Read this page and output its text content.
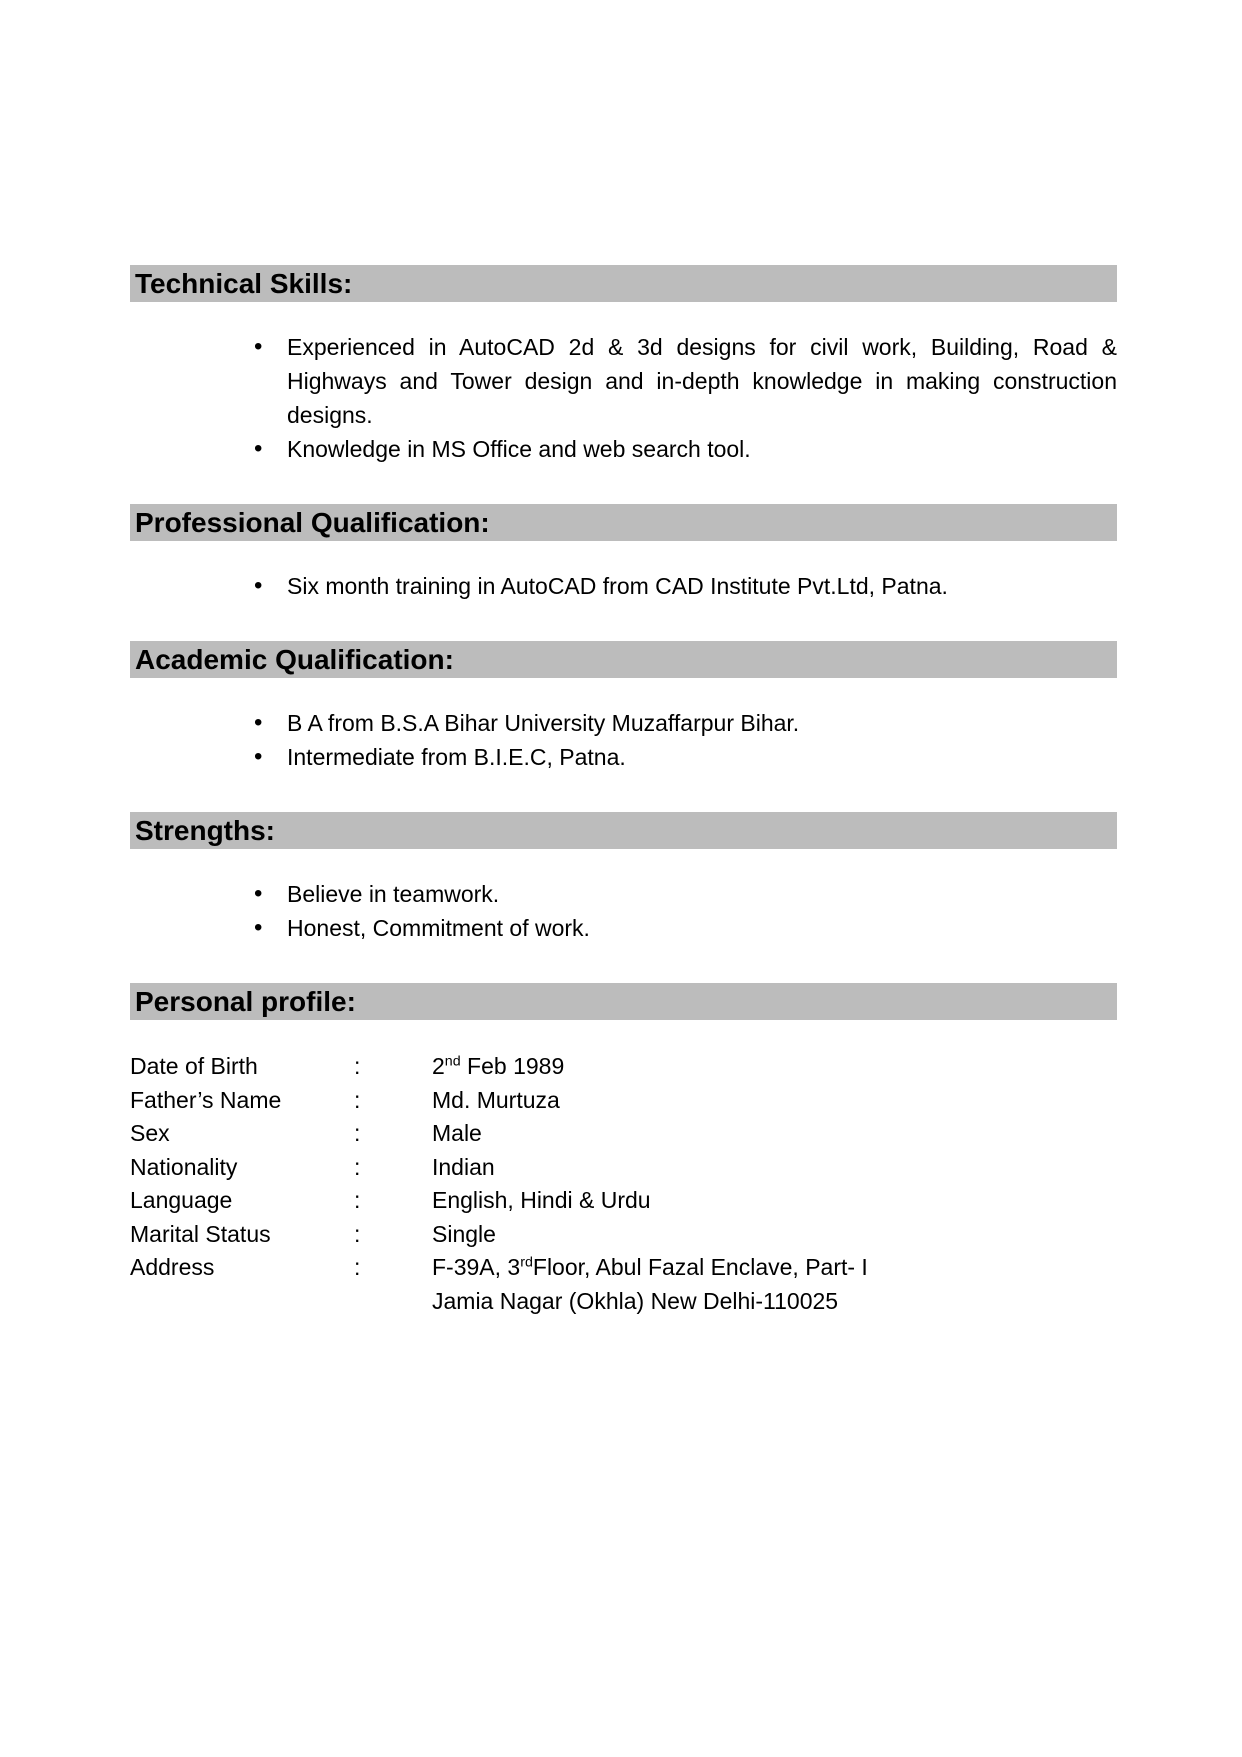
Technical Skills:
• Experienced in AutoCAD 2d & 3d designs for civil work, Building, Road & Highways and Tower design and in-depth knowledge in making construction designs.
• Knowledge in MS Office and web search tool.
Professional Qualification:
• Six month training in AutoCAD from CAD Institute Pvt.Ltd, Patna.
Academic Qualification:
• B A from B.S.A Bihar University Muzaffarpur Bihar.
• Intermediate from B.I.E.C, Patna.
Strengths:
• Believe in teamwork.
• Honest, Commitment of work.
Personal profile:
Date of Birth	:	2nd Feb 1989
Father’s Name	:	Md. Murtuza
Sex	:	Male
Nationality	:	Indian
Language	:	English, Hindi & Urdu
Marital Status	:	Single
Address	:	F-39A, 3rdFloor, Abul Fazal Enclave, Part- I
Jamia Nagar (Okhla) New Delhi-110025
